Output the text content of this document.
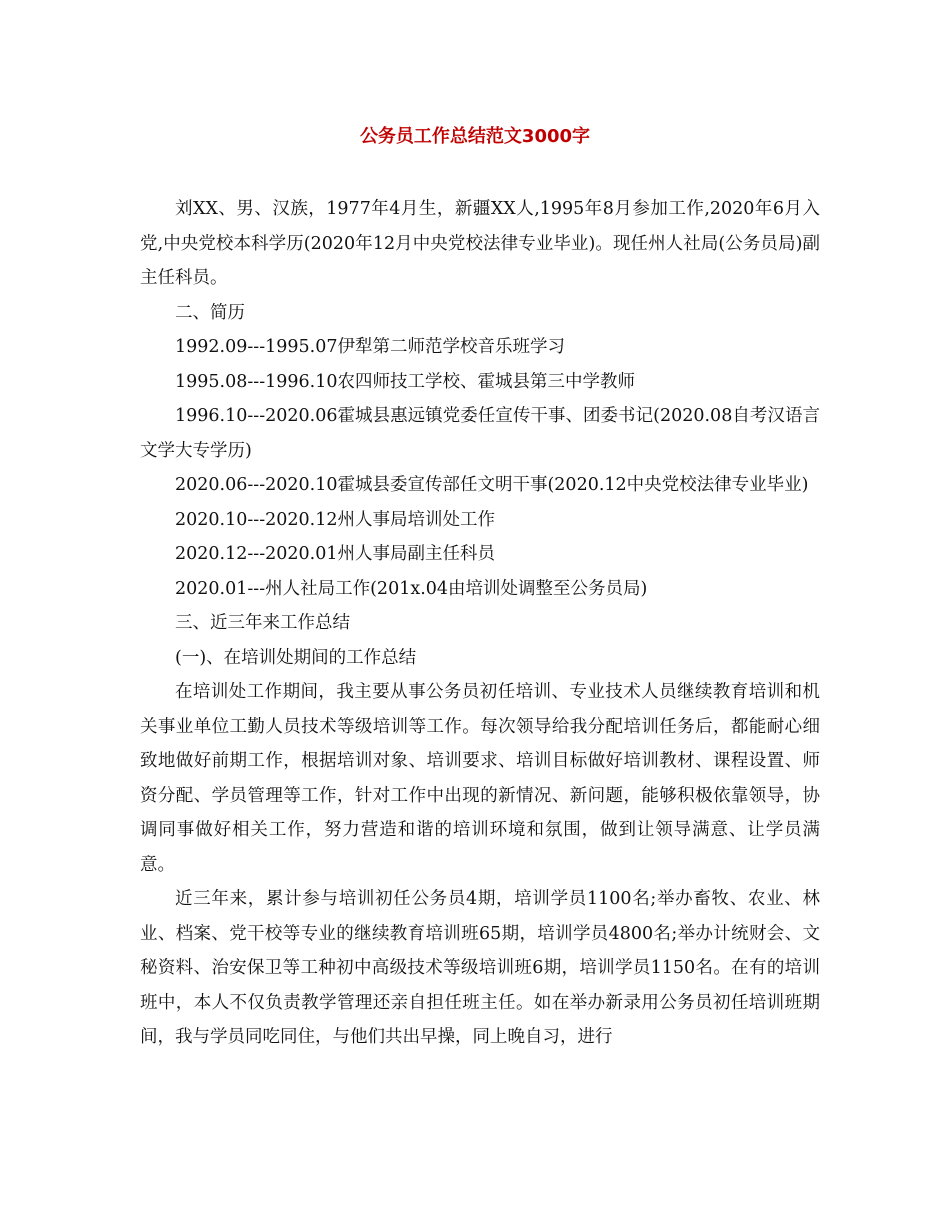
公务员工作总结范文3000字

刘XX、男、汉族，1977年4月生，新疆XX人,1995年8月参加工作,2020年6月入党,中央党校本科学历(2020年12月中央党校法律专业毕业)。现任州人社局(公务员局)副主任科员。

二、简历

1992.09---1995.07伊犁第二师范学校音乐班学习

1995.08---1996.10农四师技工学校、霍城县第三中学教师

1996.10---2020.06霍城县惠远镇党委任宣传干事、团委书记(2020.08自考汉语言文学大专学历)

2020.06---2020.10霍城县委宣传部任文明干事(2020.12中央党校法律专业毕业)

2020.10---2020.12州人事局培训处工作

2020.12---2020.01州人事局副主任科员

2020.01---州人社局工作(201x.04由培训处调整至公务员局)

三、近三年来工作总结

(一)、在培训处期间的工作总结

在培训处工作期间，我主要从事公务员初任培训、专业技术人员继续教育培训和机关事业单位工勤人员技术等级培训等工作。每次领导给我分配培训任务后，都能耐心细致地做好前期工作，根据培训对象、培训要求、培训目标做好培训教材、课程设置、师资分配、学员管理等工作，针对工作中出现的新情况、新问题，能够积极依靠领导，协调同事做好相关工作，努力营造和谐的培训环境和氛围，做到让领导满意、让学员满意。

近三年来，累计参与培训初任公务员4期，培训学员1100名;举办畜牧、农业、林业、档案、党干校等专业的继续教育培训班65期，培训学员4800名;举办计统财会、文秘资料、治安保卫等工种初中高级技术等级培训班6期，培训学员1150名。在有的培训班中，本人不仅负责教学管理还亲自担任班主任。如在举办新录用公务员初任培训班期间，我与学员同吃同住，与他们共出早操，同上晚自习，进行
